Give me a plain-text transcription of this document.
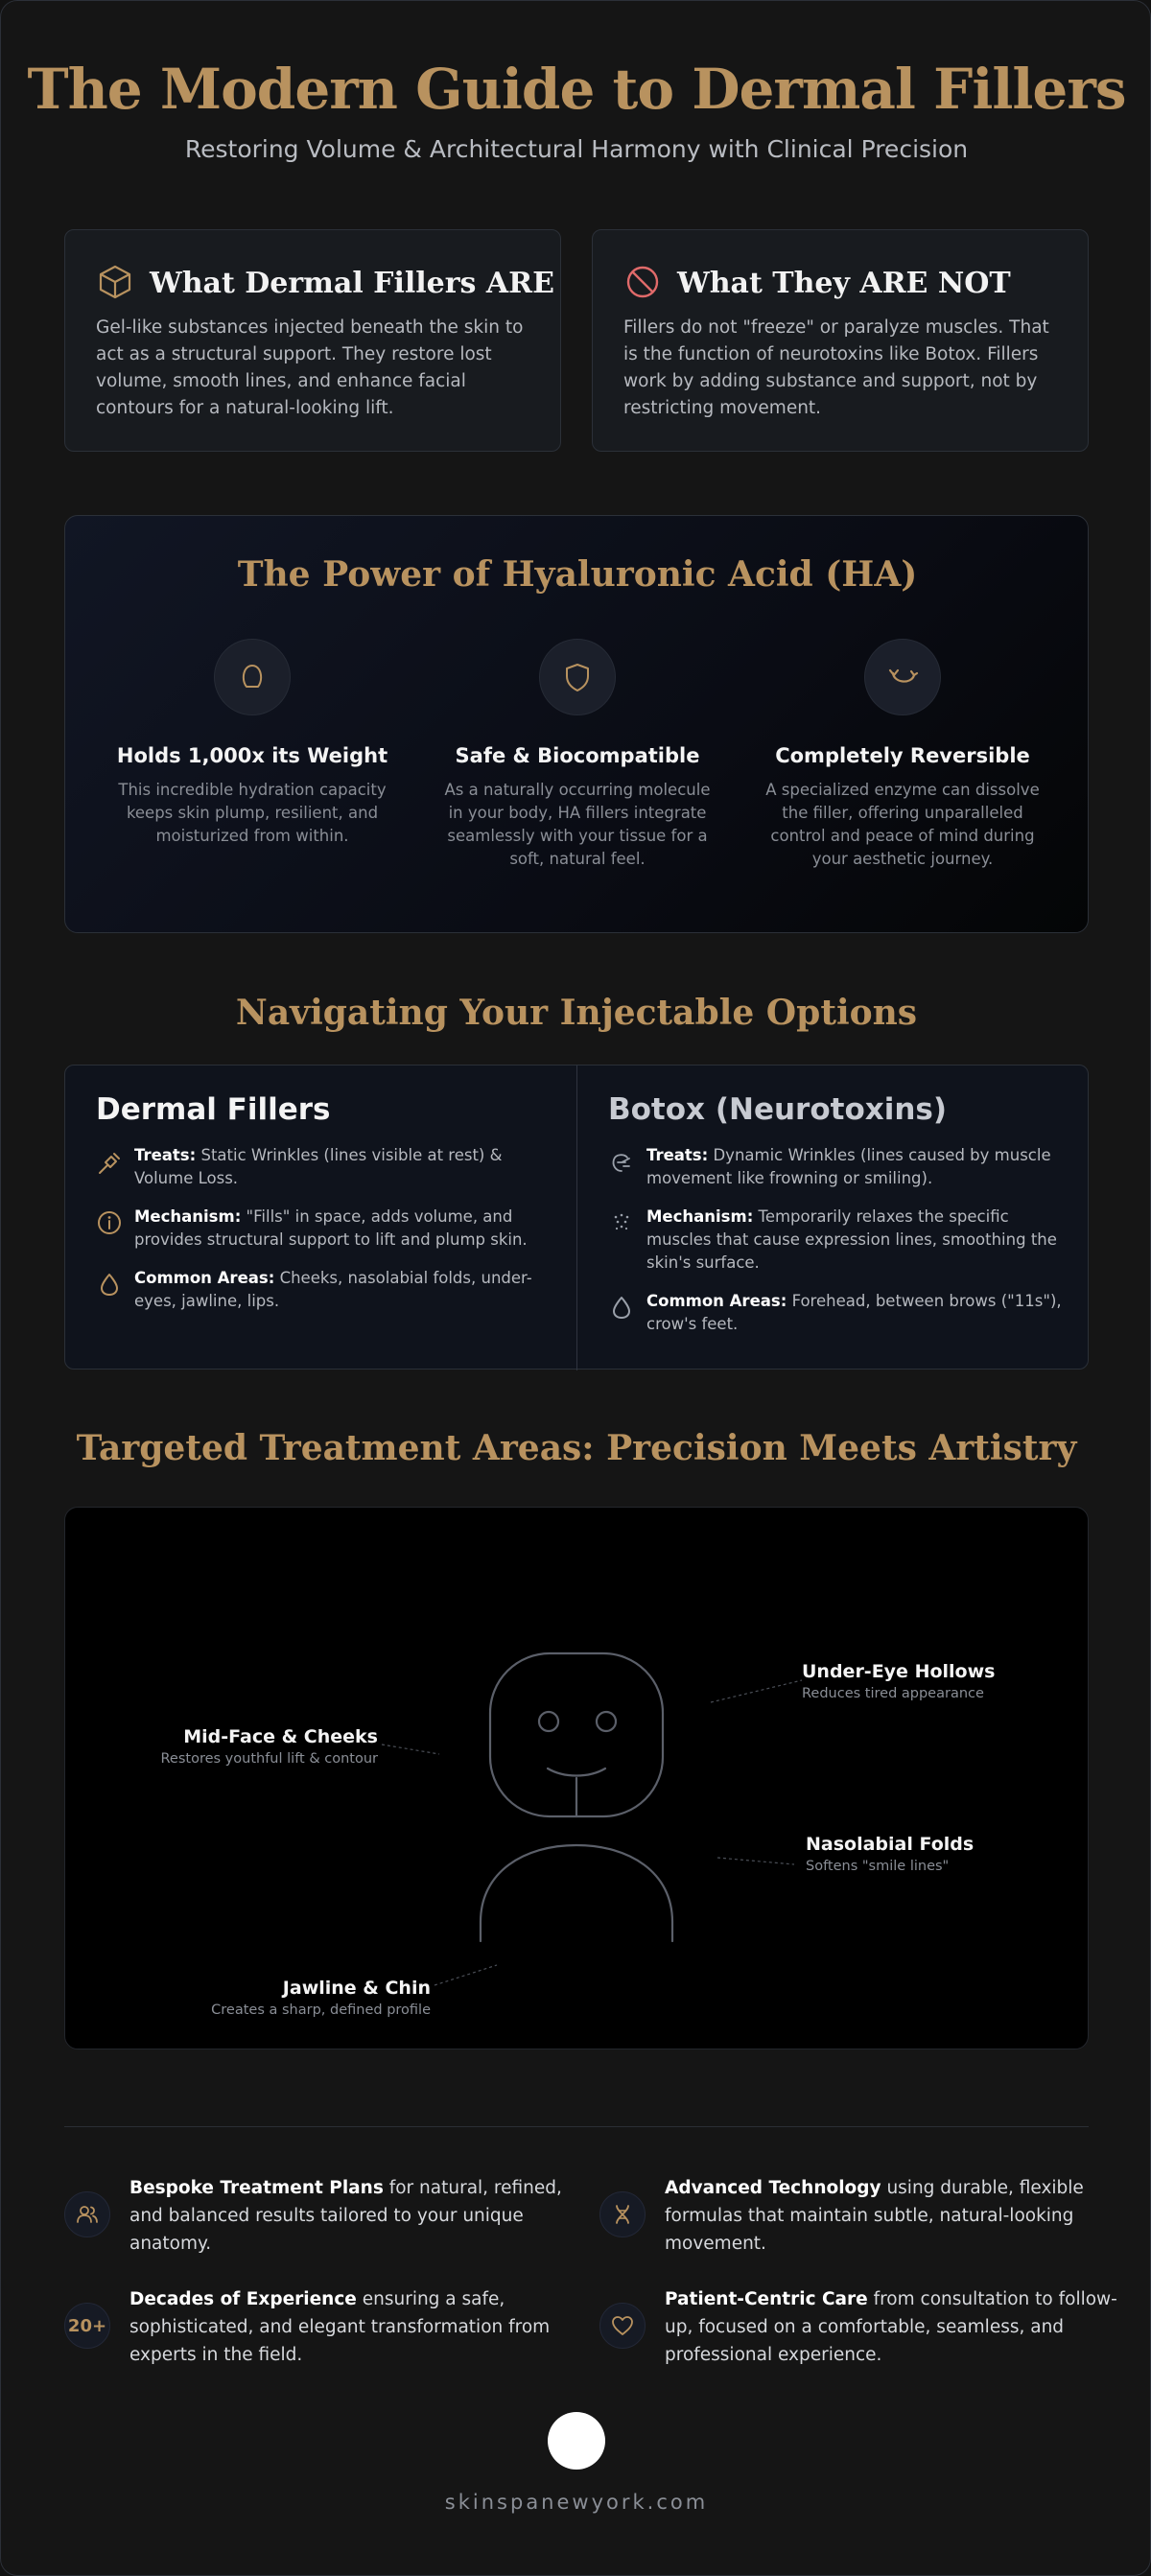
The Modern Guide to Dermal Fillers
Restoring Volume & Architectural Harmony with Clinical Precision
What Dermal Fillers ARE
Gel-like substances injected beneath the skin to act as a structural support. They restore lost volume, smooth lines, and enhance facial contours for a natural-looking lift.
What They ARE NOT
Fillers do not "freeze" or paralyze muscles. That is the function of neurotoxins like Botox. Fillers work by adding substance and support, not by restricting movement.
The Power of Hyaluronic Acid (HA)
Holds 1,000x its Weight
This incredible hydration capacity keeps skin plump, resilient, and moisturized from within.
Safe & Biocompatible
As a naturally occurring molecule in your body, HA fillers integrate seamlessly with your tissue for a soft, natural feel.
Completely Reversible
A specialized enzyme can dissolve the filler, offering unparalleled control and peace of mind during your aesthetic journey.
Navigating Your Injectable Options
Dermal Fillers
Treats: Static Wrinkles (lines visible at rest) & Volume Loss.
Mechanism: "Fills" in space, adds volume, and provides structural support to lift and plump skin.
Common Areas: Cheeks, nasolabial folds, under-eyes, jawline, lips.
Botox (Neurotoxins)
Treats: Dynamic Wrinkles (lines caused by muscle movement like frowning or smiling).
Mechanism: Temporarily relaxes the specific muscles that cause expression lines, smoothing the skin's surface.
Common Areas: Forehead, between brows ("11s"), crow's feet.
Targeted Treatment Areas: Precision Meets Artistry
Under-Eye Hollows
Reduces tired appearance
Mid-Face & Cheeks
Restores youthful lift & contour
Nasolabial Folds
Softens "smile lines"
Jawline & Chin
Creates a sharp, defined profile
Bespoke Treatment Plans for natural, refined, and balanced results tailored to your unique anatomy.
Advanced Technology using durable, flexible formulas that maintain subtle, natural-looking movement.
20+
Decades of Experience ensuring a safe, sophisticated, and elegant transformation from experts in the field.
Patient-Centric Care from consultation to follow-up, focused on a comfortable, seamless, and professional experience.
skinspanewyork.com
